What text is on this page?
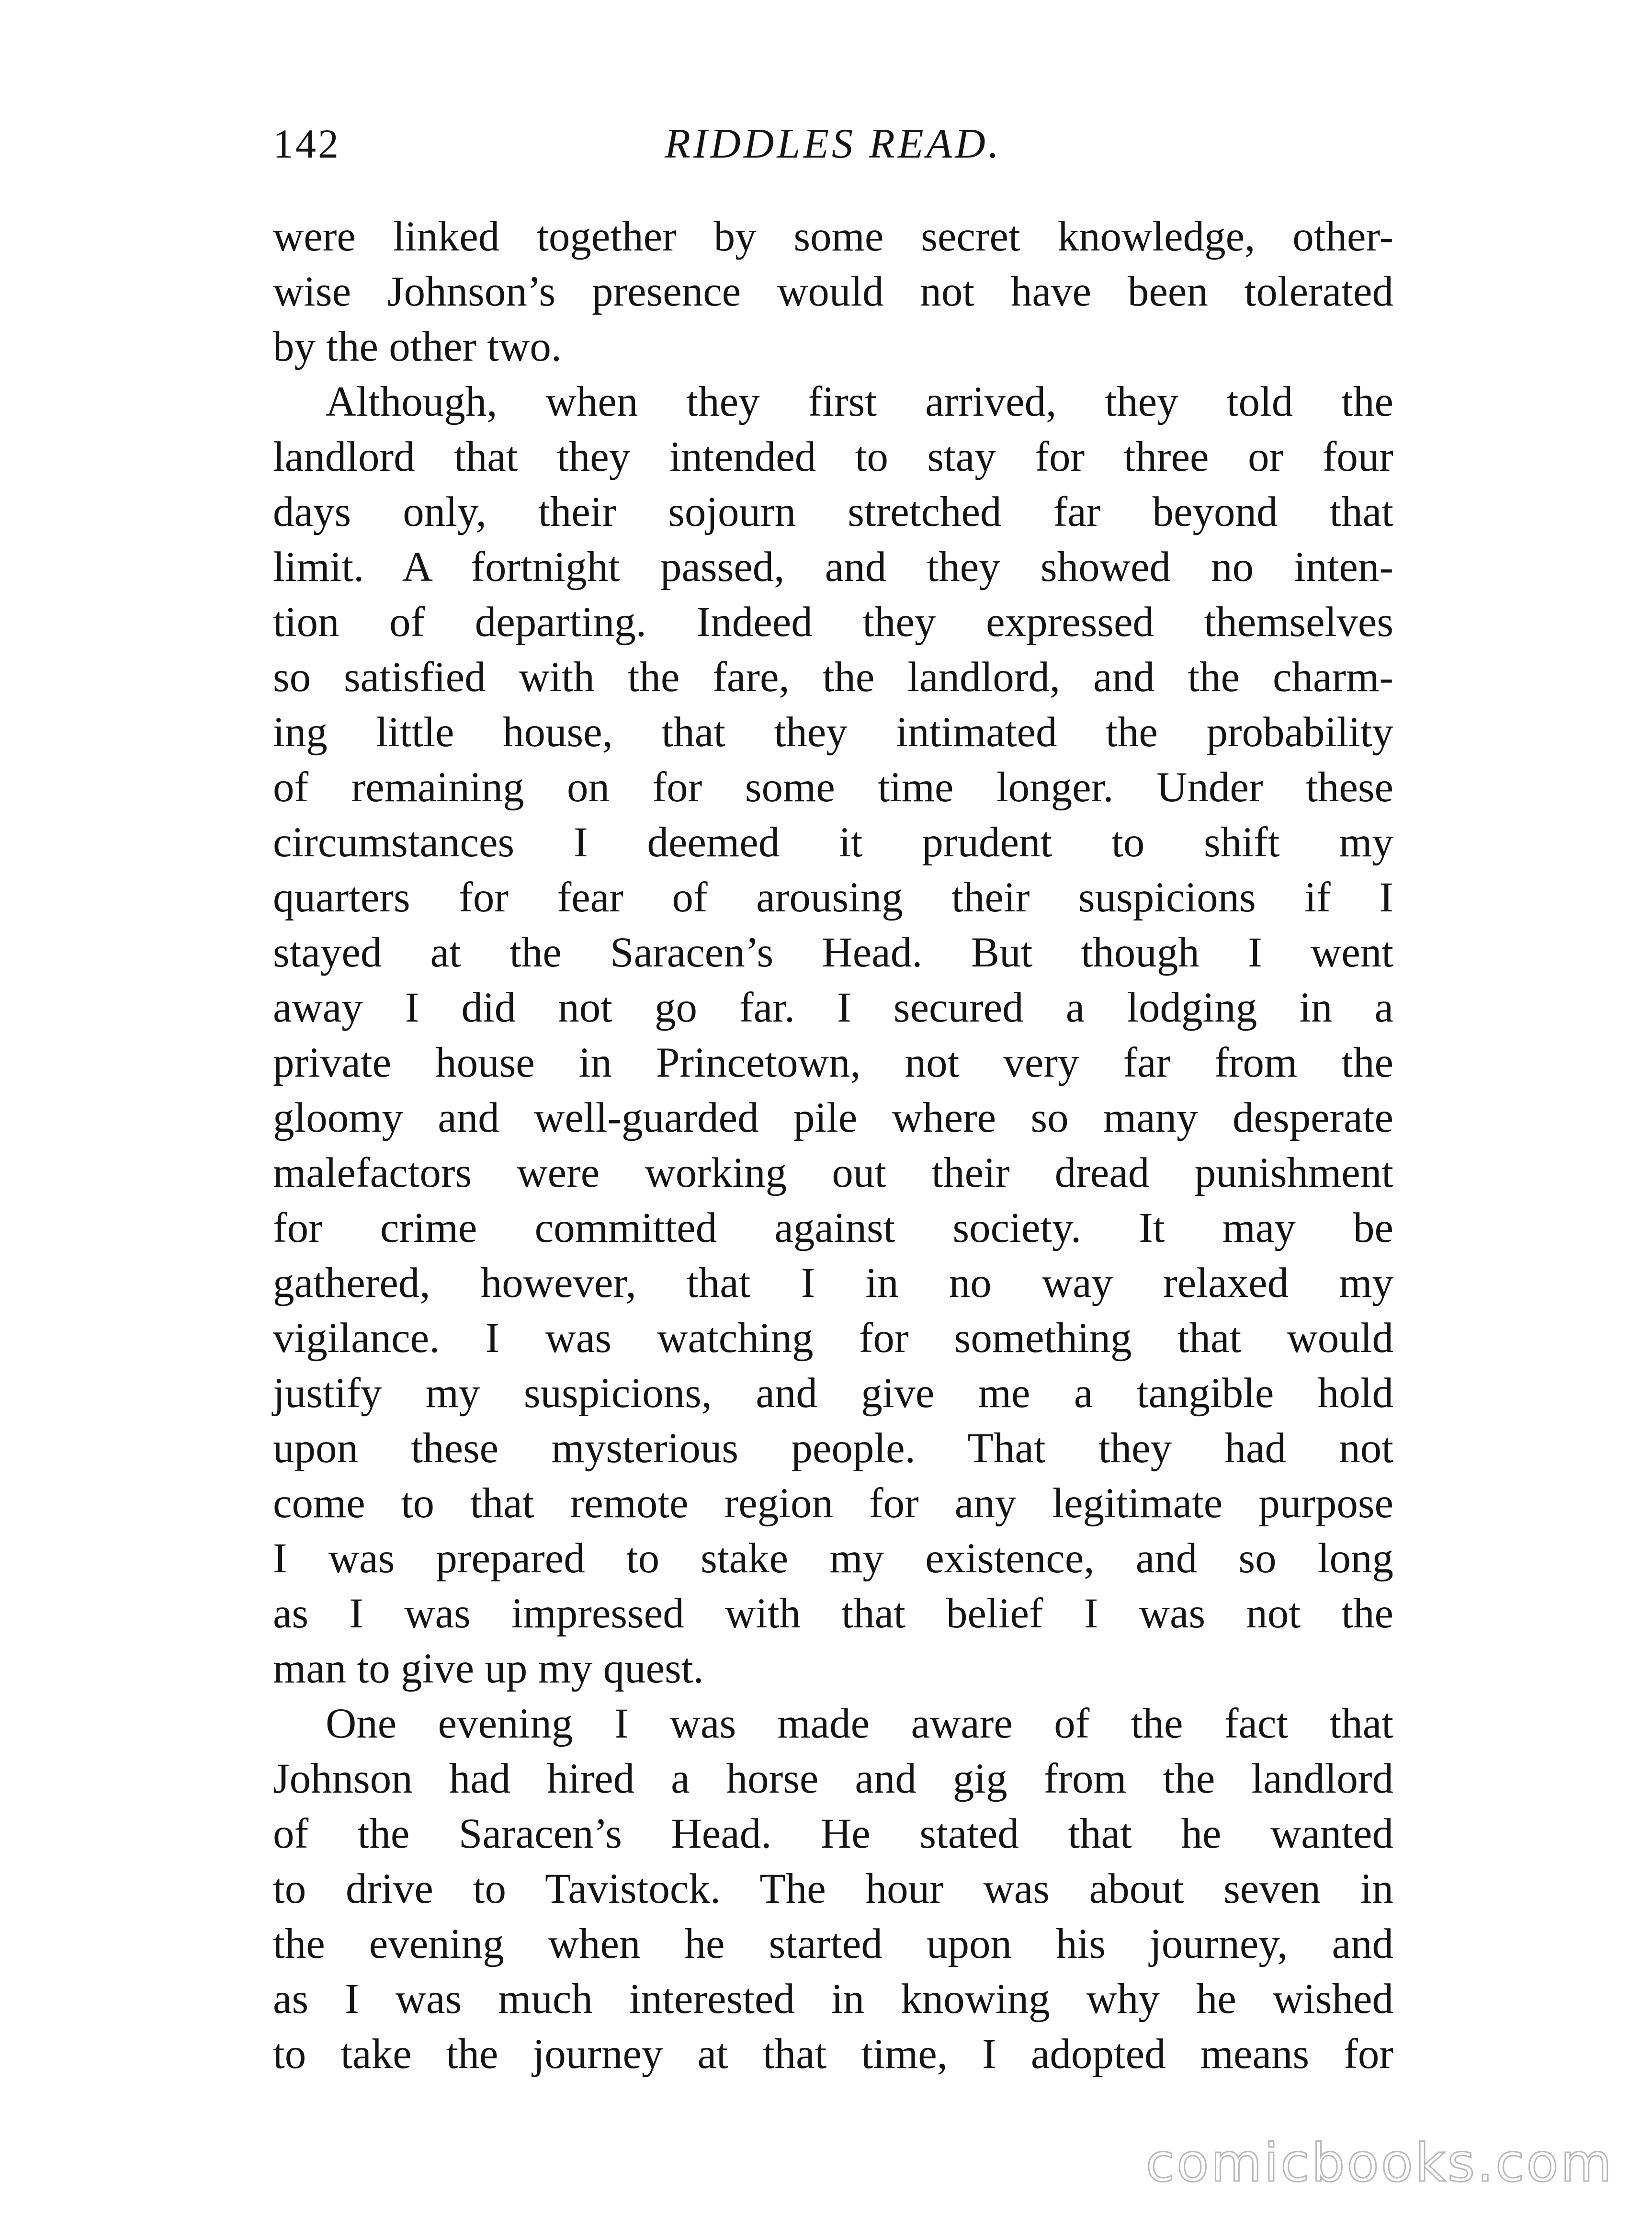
142	RIDDLES READ.
were linked together by some secret knowledge, other-
wise Johnson’s presence would not have been tolerated
by the other two.
Although, when they first arrived, they told the
landlord that they intended to stay for three or four
days only, their sojourn stretched far beyond that
limit. A fortnight passed, and they showed no inten-
tion of departing. Indeed they expressed themselves
so satisfied with the fare, the landlord, and the charm-
ing little house, that they intimated the probability
of remaining on for some time longer. Under these
circumstances I deemed it prudent to shift my
quarters for fear of arousing their suspicions if I
stayed at the Saracen’s Head. But though I went
away I did not go far. I secured a lodging in a
private house in Princetown, not very far from the
gloomy and well-guarded pile where so many desperate
malefactors were working out their dread punishment
for crime committed against society. It may be
gathered, however, that I in no way relaxed my
vigilance. I was watching for something that would
justify my suspicions, and give me a tangible hold
upon these mysterious people. That they had not
come to that remote region for any legitimate purpose
I was prepared to stake my existence, and so long
as I was impressed with that belief I was not the
man to give up my quest.
One evening I was made aware of the fact that
Johnson had hired a horse and gig from the landlord
of the Saracen’s Head. He stated that he wanted
to drive to Tavistock. The hour was about seven in
the evening when he started upon his journey, and
as I was much interested in knowing why he wished
to take the journey at that time, I adopted means for
comicbooks.com
